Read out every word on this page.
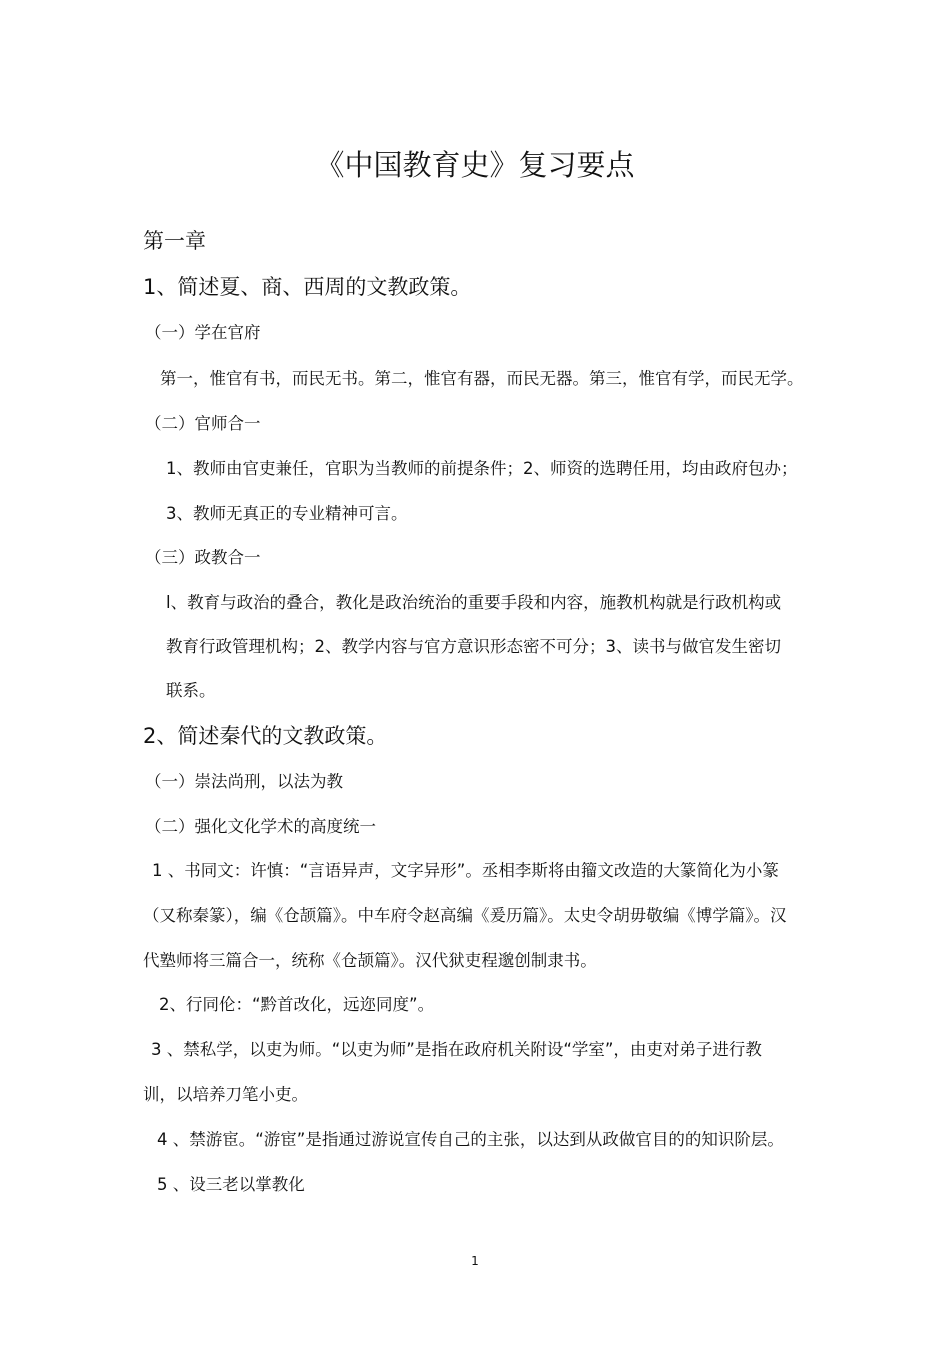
《中国教育史》复习要点
第一章
1、简述夏、商、西周的文教政策。
（一）学在官府
第一，惟官有书，而民无书。第二，惟官有器，而民无器。第三，惟官有学，而民无学。
（二）官师合一
1、教师由官吏兼任，官职为当教师的前提条件；2、师资的选聘任用，均由政府包办；
3、教师无真正的专业精神可言。
（三）政教合一
l、教育与政治的叠合，教化是政治统治的重要手段和内容，施教机构就是行政机构或
教育行政管理机构；2、教学内容与官方意识形态密不可分；3、读书与做官发生密切
联系。
2、简述秦代的文教政策。
（一）崇法尚刑，以法为教
（二）强化文化学术的高度统一
1 、书同文：许慎：“言语异声，文字异形”。丞相李斯将由籀文改造的大篆简化为小篆
（又称秦篆），编《仓颉篇》。中车府令赵高编《爰历篇》。太史令胡毋敬编《博学篇》。汉
代塾师将三篇合一，统称《仓颉篇》。汉代狱吏程邈创制隶书。
2、行同伦：“黔首改化，远迩同度”。
3 、禁私学，以吏为师。“以吏为师”是指在政府机关附设“学室”，由吏对弟子进行教
训，以培养刀笔小吏。
4 、禁游宦。“游宦”是指通过游说宣传自己的主张，以达到从政做官目的的知识阶层。
5 、设三老以掌教化
1
